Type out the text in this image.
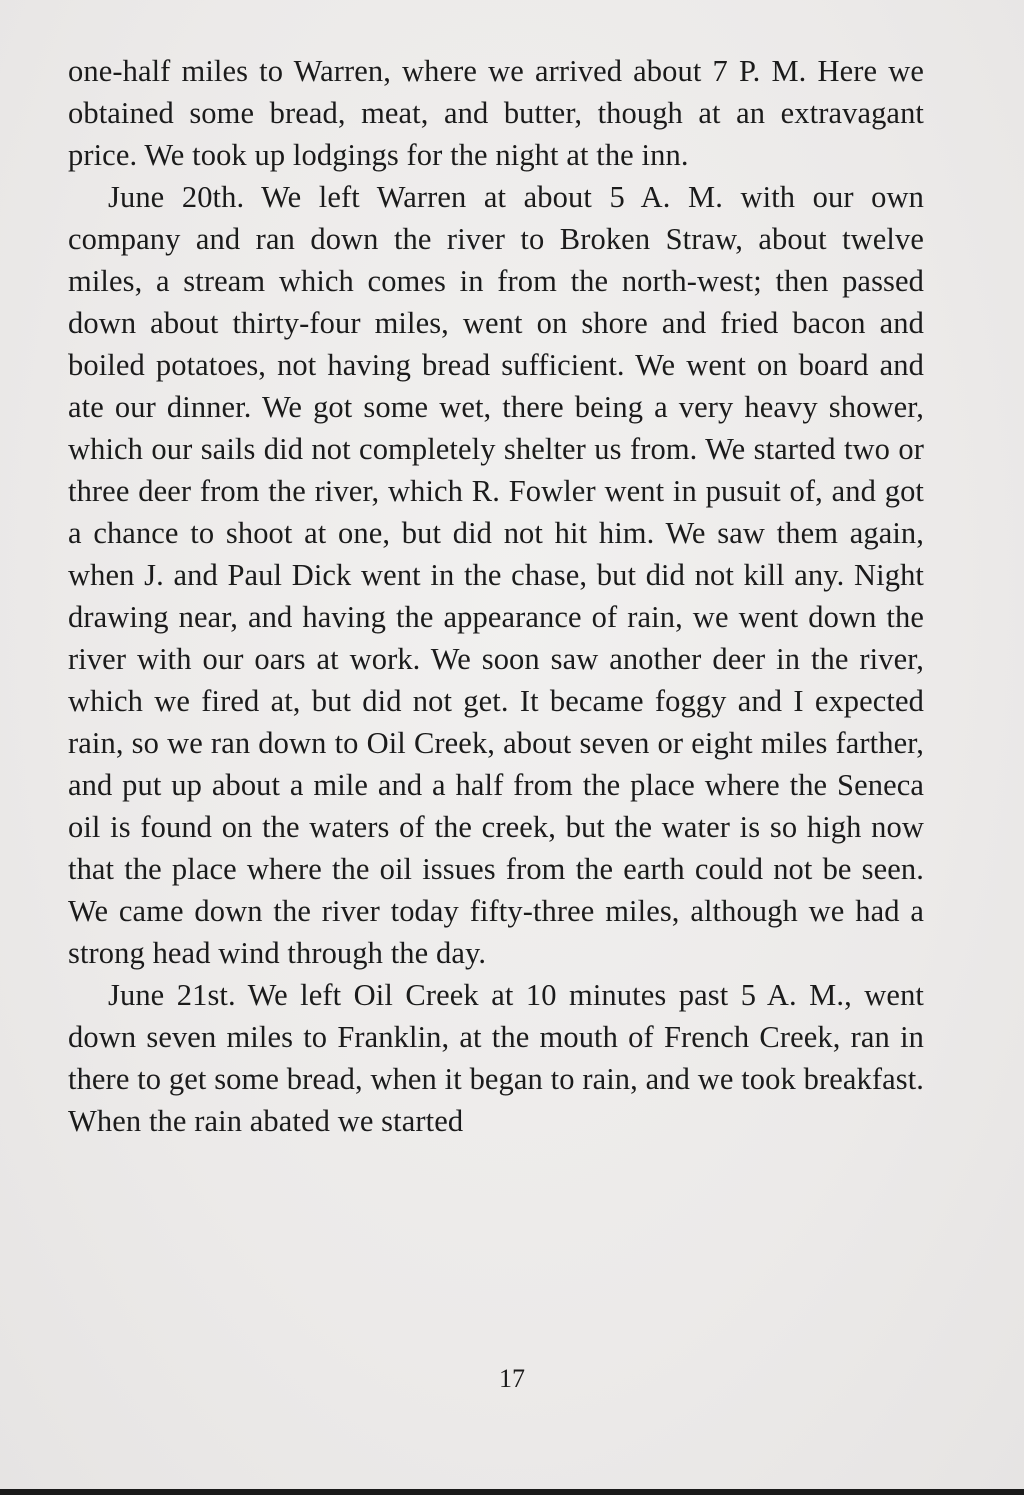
one-half miles to Warren, where we arrived about 7 P. M. Here we obtained some bread, meat, and butter, though at an extravagant price. We took up lodgings for the night at the inn.

June 20th. We left Warren at about 5 A. M. with our own company and ran down the river to Broken Straw, about twelve miles, a stream which comes in from the north-west; then passed down about thirty-four miles, went on shore and fried bacon and boiled potatoes, not having bread sufficient. We went on board and ate our dinner. We got some wet, there being a very heavy shower, which our sails did not completely shelter us from. We started two or three deer from the river, which R. Fowler went in pusuit of, and got a chance to shoot at one, but did not hit him. We saw them again, when J. and Paul Dick went in the chase, but did not kill any. Night drawing near, and having the appearance of rain, we went down the river with our oars at work. We soon saw another deer in the river, which we fired at, but did not get. It became foggy and I expected rain, so we ran down to Oil Creek, about seven or eight miles farther, and put up about a mile and a half from the place where the Seneca oil is found on the waters of the creek, but the water is so high now that the place where the oil issues from the earth could not be seen. We came down the river today fifty-three miles, although we had a strong head wind through the day.

June 21st. We left Oil Creek at 10 minutes past 5 A. M., went down seven miles to Franklin, at the mouth of French Creek, ran in there to get some bread, when it began to rain, and we took breakfast. When the rain abated we started

17
